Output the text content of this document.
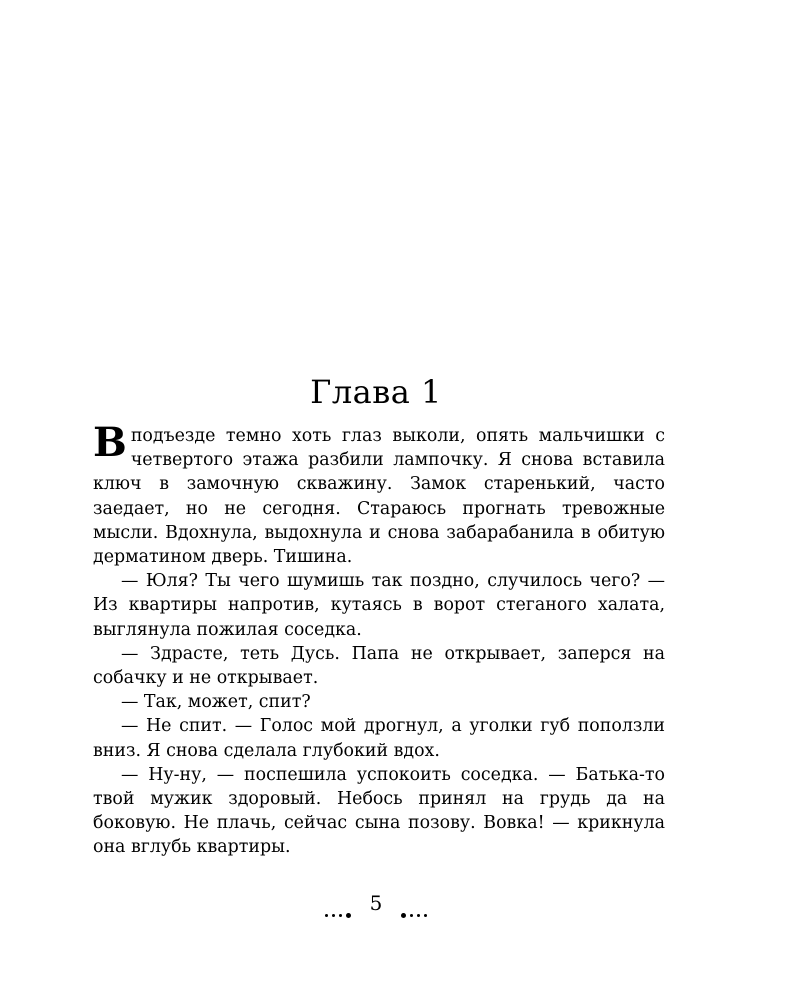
Глава 1

Вподъезде темно хоть глаз выколи, опять мальчишки с четвертого этажа разбили лампочку. Я снова вставила ключ в замочную скважину. Замок старенький, часто заедает, но не сегодня. Стараюсь прогнать тревожные мысли. Вдохнула, выдохнула и снова забарабанила в обитую дерматином дверь. Тишина.

— Юля? Ты чего шумишь так поздно, случилось чего? — Из квартиры напротив, кутаясь в ворот стеганого халата, выглянула пожилая соседка.

— Здрасте, теть Дусь. Папа не открывает, заперся на собачку и не открывает.

— Так, может, спит?

— Не спит. — Голос мой дрогнул, а уголки губ поползли вниз. Я снова сделала глубокий вдох.

— Ну-ну, — поспешила успокоить соседка. — Батька-то твой мужик здоровый. Небось принял на грудь да на боковую. Не плачь, сейчас сына позову. Вовка! — крикнула она вглубь квартиры.

5
